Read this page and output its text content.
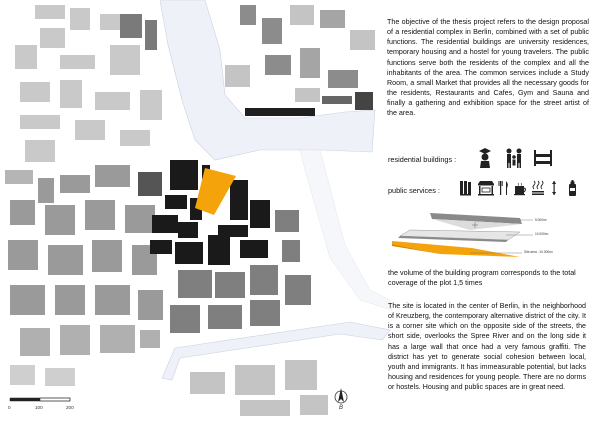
The objective of the thesis project refers to the design proposal of a residential complex in Berlin, combined with a set of public functions. The residential buildings are university residences, temporary housing and a hostel for young travelers. The public functions serve both the residents of the complex and all the inhabitants of the area. The common services include a Study Room, a small Market that provides all the necessary goods for the residents, Restaurants and Cafes, Gym and Sauna and finally a gathering and exhibition space for the street artist of the area.
residential buildings :
public services :
the volume of the building program corresponds to the total coverage of the plot 1,5 times
The site is located in the center of Berlin, in the neighborhood of Kreuzberg, the contemporary alternative district of the city. It is a corner site which on the opposite side of the streets, the short side, overlooks the Spree River and on the long side it has a large wall that once had a very famous graffiti. The district has yet to generate social cohesion between local, youth and immigrants. It has immeasurable potential, but lacks housing and residences for young people. There are no dorms or hostels. Housing and public spaces are in great need.
5.000m²
10.000m²
Site area : 10.000m²
0	100	200	B
